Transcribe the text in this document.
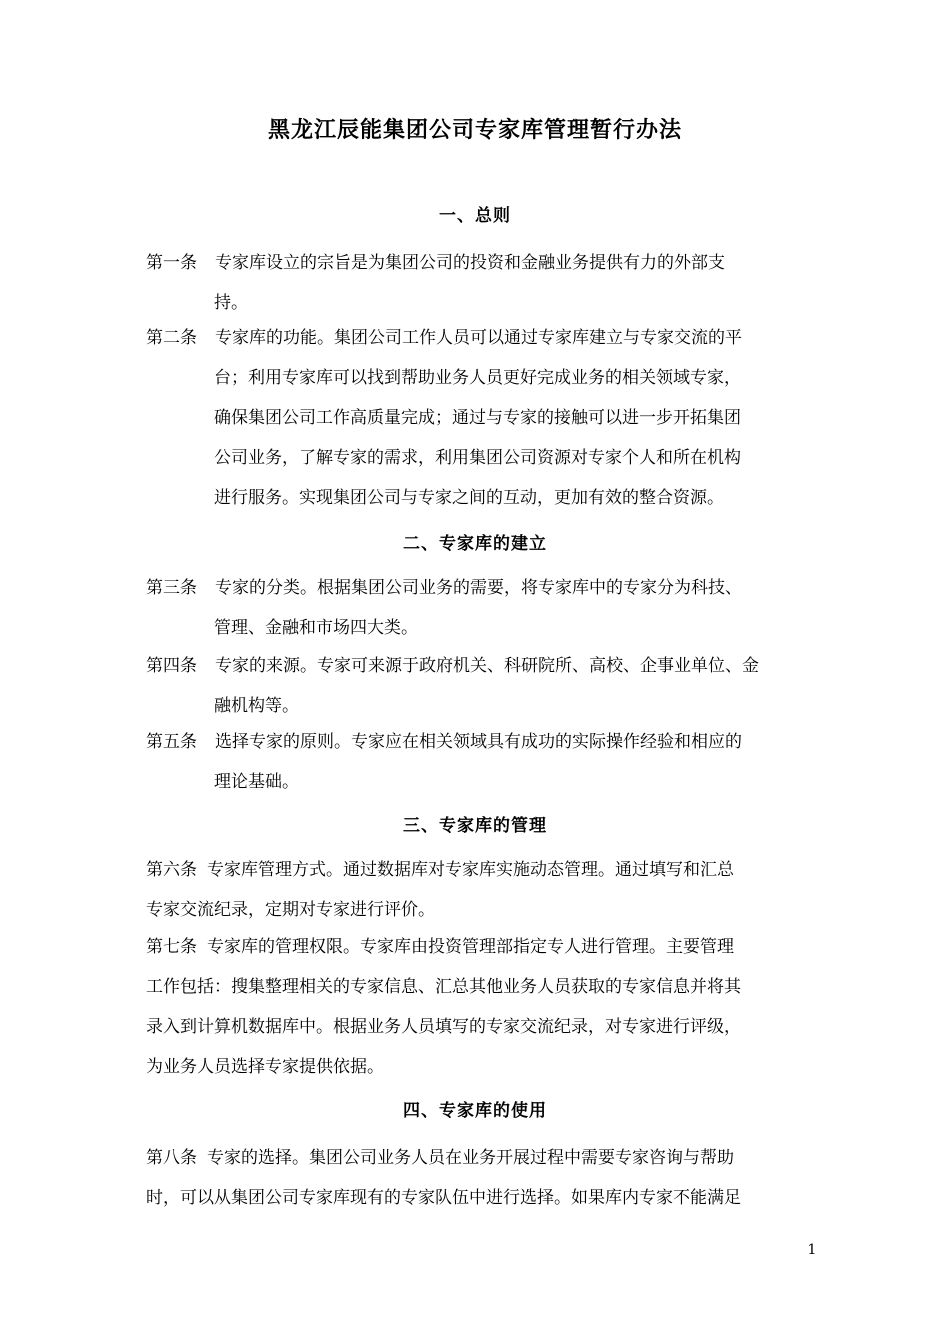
黑龙江辰能集团公司专家库管理暂行办法
一、总则
第一条 专家库设立的宗旨是为集团公司的投资和金融业务提供有力的外部支
持。
第二条 专家库的功能。集团公司工作人员可以通过专家库建立与专家交流的平
台；利用专家库可以找到帮助业务人员更好完成业务的相关领域专家，
确保集团公司工作高质量完成；通过与专家的接触可以进一步开拓集团
公司业务，了解专家的需求，利用集团公司资源对专家个人和所在机构
进行服务。实现集团公司与专家之间的互动，更加有效的整合资源。
二、专家库的建立
第三条 专家的分类。根据集团公司业务的需要，将专家库中的专家分为科技、
管理、金融和市场四大类。
第四条 专家的来源。专家可来源于政府机关、科研院所、高校、企事业单位、金
融机构等。
第五条 选择专家的原则。专家应在相关领域具有成功的实际操作经验和相应的
理论基础。
三、专家库的管理
第六条 专家库管理方式。通过数据库对专家库实施动态管理。通过填写和汇总
专家交流纪录，定期对专家进行评价。
第七条 专家库的管理权限。专家库由投资管理部指定专人进行管理。主要管理
工作包括：搜集整理相关的专家信息、汇总其他业务人员获取的专家信息并将其
录入到计算机数据库中。根据业务人员填写的专家交流纪录，对专家进行评级，
为业务人员选择专家提供依据。
四、专家库的使用
第八条 专家的选择。集团公司业务人员在业务开展过程中需要专家咨询与帮助
时，可以从集团公司专家库现有的专家队伍中进行选择。如果库内专家不能满足
1
